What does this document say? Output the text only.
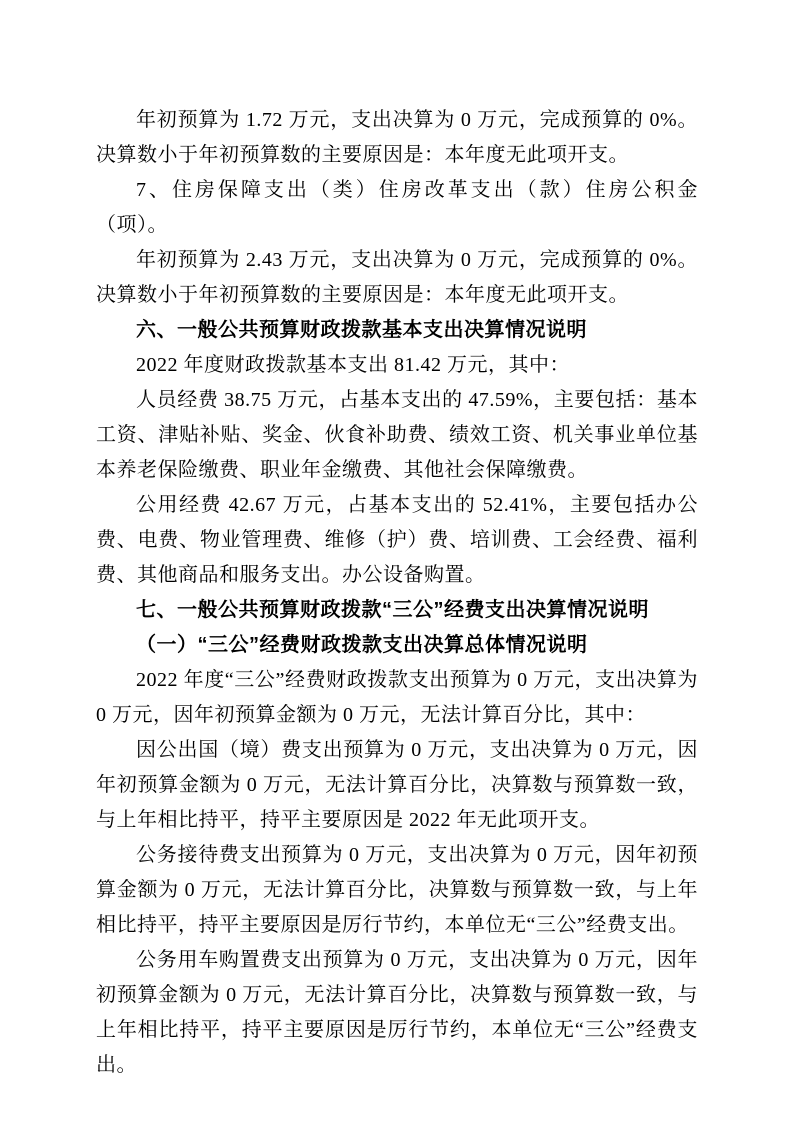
年初预算为 1.72 万元，支出决算为 0 万元，完成预算的 0%。决算数小于年初预算数的主要原因是：本年度无此项开支。

7、住房保障支出（类）住房改革支出（款）住房公积金（项）。

年初预算为 2.43 万元，支出决算为 0 万元，完成预算的 0%。决算数小于年初预算数的主要原因是：本年度无此项开支。

六、一般公共预算财政拨款基本支出决算情况说明

2022 年度财政拨款基本支出 81.42 万元，其中：

人员经费 38.75 万元，占基本支出的 47.59%，主要包括：基本工资、津贴补贴、奖金、伙食补助费、绩效工资、机关事业单位基本养老保险缴费、职业年金缴费、其他社会保障缴费。

公用经费 42.67 万元，占基本支出的 52.41%，主要包括办公费、电费、物业管理费、维修（护）费、培训费、工会经费、福利费、其他商品和服务支出。办公设备购置。

七、一般公共预算财政拨款“三公”经费支出决算情况说明

（一）“三公”经费财政拨款支出决算总体情况说明

2022 年度“三公”经费财政拨款支出预算为 0 万元，支出决算为 0 万元，因年初预算金额为 0 万元，无法计算百分比，其中：

因公出国（境）费支出预算为 0 万元，支出决算为 0 万元，因年初预算金额为 0 万元，无法计算百分比，决算数与预算数一致，与上年相比持平，持平主要原因是 2022 年无此项开支。

公务接待费支出预算为 0 万元，支出决算为 0 万元，因年初预算金额为 0 万元，无法计算百分比，决算数与预算数一致，与上年相比持平，持平主要原因是厉行节约，本单位无“三公”经费支出。

公务用车购置费支出预算为 0 万元，支出决算为 0 万元，因年初预算金额为 0 万元，无法计算百分比，决算数与预算数一致，与上年相比持平，持平主要原因是厉行节约，本单位无“三公”经费支出。
